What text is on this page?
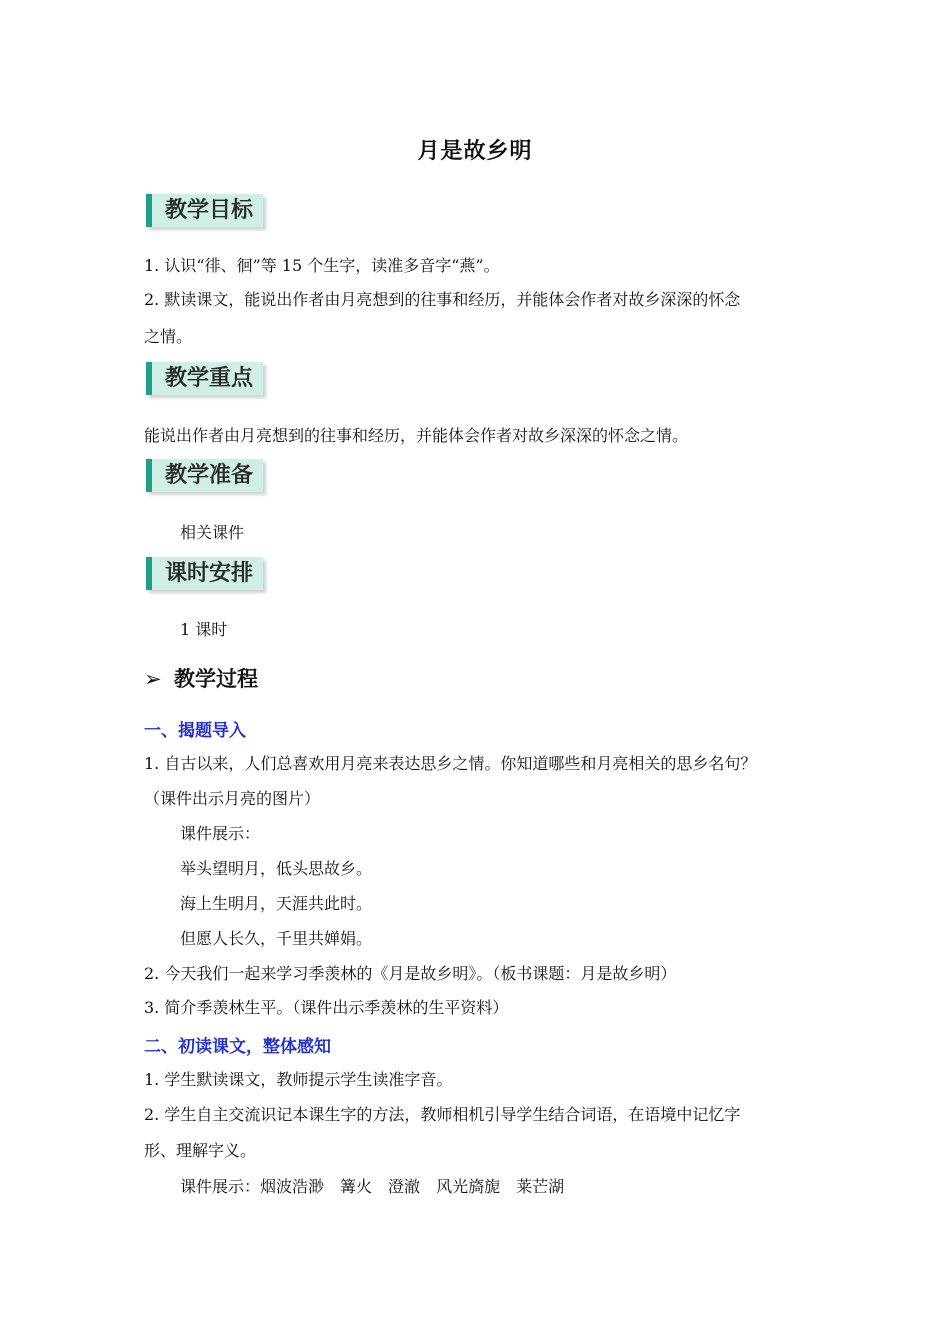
月是故乡明
教学目标
1. 认识“徘、徊”等 15 个生字，读准多音字“燕”。
2. 默读课文，能说出作者由月亮想到的往事和经历，并能体会作者对故乡深深的怀念
之情。
教学重点
能说出作者由月亮想到的往事和经历，并能体会作者对故乡深深的怀念之情。
教学准备
相关课件
课时安排
1 课时
➢ 教学过程
一、揭题导入
1. 自古以来，人们总喜欢用月亮来表达思乡之情。你知道哪些和月亮相关的思乡名句？
（课件出示月亮的图片）
课件展示：
举头望明月，低头思故乡。
海上生明月，天涯共此时。
但愿人长久，千里共婵娟。
2. 今天我们一起来学习季羡林的《月是故乡明》。（板书课题：月是故乡明）
3. 简介季羡林生平。（课件出示季羡林的生平资料）
二、初读课文，整体感知
1. 学生默读课文，教师提示学生读准字音。
2. 学生自主交流识记本课生字的方法，教师相机引导学生结合词语，在语境中记忆字
形、理解字义。
课件展示：烟波浩渺 篝火 澄澈 风光旖旎 莱芒湖
